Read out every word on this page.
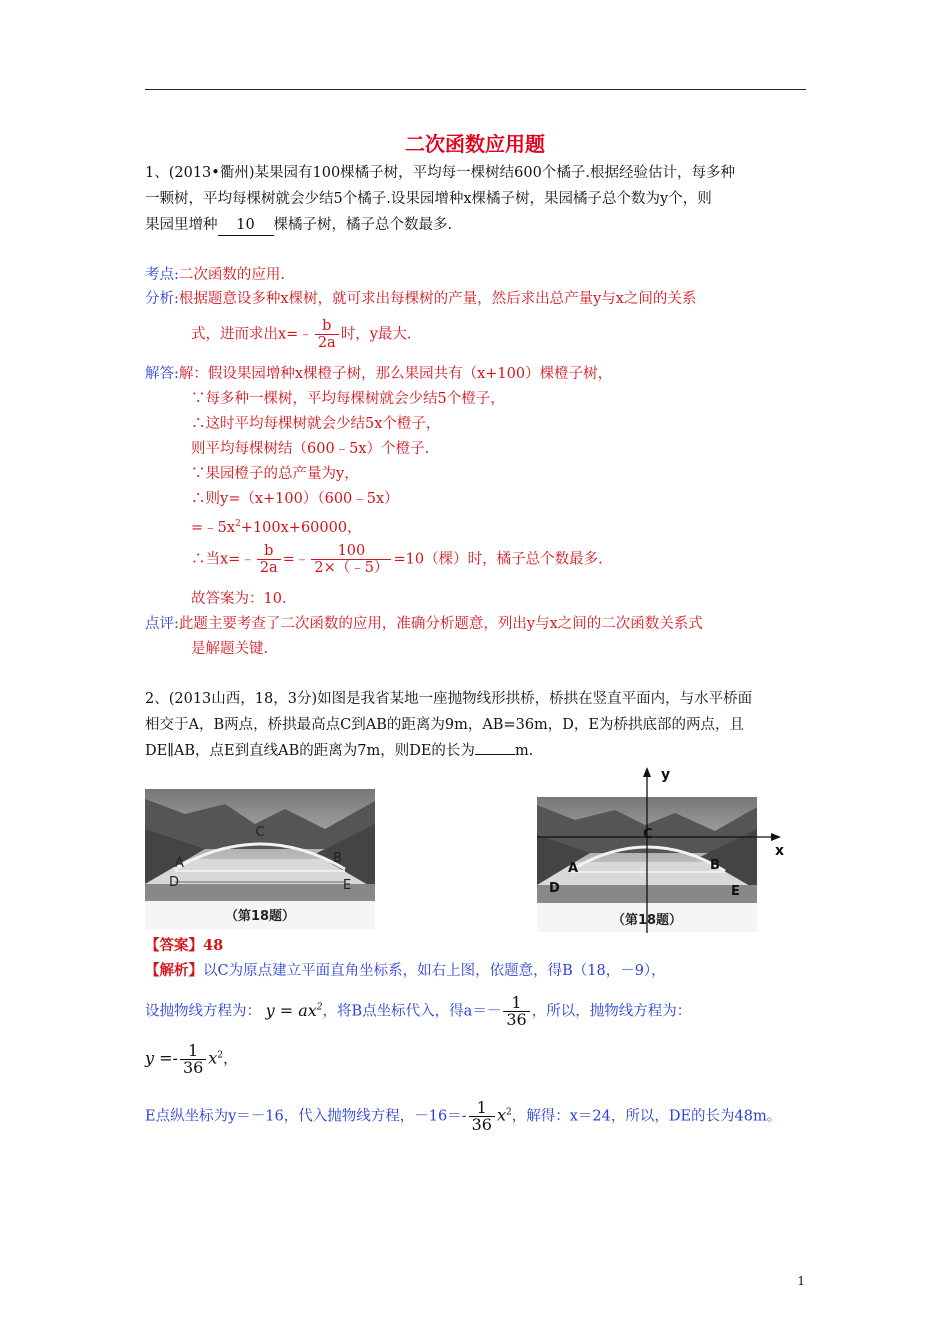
二次函数应用题
1、(2013•衢州)某果园有100棵橘子树，平均每一棵树结600个橘子.根据经验估计，每多种
一颗树，平均每棵树就会少结5个橘子.设果园增种x棵橘子树，果园橘子总个数为y个，则
果园里增种 10 棵橘子树，橘子总个数最多.
考点:二次函数的应用.
分析:根据题意设多种x棵树，就可求出每棵树的产量，然后求出总产量y与x之间的关系
式，进而求出x=﹣ $\frac{b}{2a}$ 时，y最大.
解答:解：假设果园增种x棵橙子树，那么果园共有（x+100）棵橙子树，
∵每多种一棵树，平均每棵树就会少结5个橙子，
∴这时平均每棵树就会少结5x个橙子，
则平均每棵树结（600﹣5x）个橙子.
∵果园橙子的总产量为y，
∴则y=（x+100）（600﹣5x）
$=﹣5x^2+100x+60000$，
∴当x=﹣ $\frac{b}{2a}$ =﹣ $\frac{100}{2\times(﹣5)} =10$（棵）时，橘子总个数最多.
故答案为：10.
点评:此题主要考查了二次函数的应用，准确分析题意，列出y与x之间的二次函数关系式
是解题关键.
2、(2013山西，18，3分)如图是我省某地一座抛物线形拱桥，桥拱在竖直平面内，与水平桥面
相交于A，B两点，桥拱最高点C到AB的距离为9m，AB=36m，D，E为桥拱底部的两点，且
DE∥AB，点E到直线AB的距离为7m，则DE的长为	m.
C
A	B
D	E
（第18题）
y
x
C
A	B
D	E
（第18题）
【答案】48
【解析】以C为原点建立平面直角坐标系，如右上图，依题意，得B（18，－9），
设抛物线方程为： $y = ax^2$，将B点坐标代入，得$a=- \frac{1}{36}$ ，所以，抛物线方程为：
$y =- \frac{1}{36} x^2$，
E点纵坐标为y＝－16，代入抛物线方程，$-16=- \frac{1}{36} x^2$，解得：x＝24，所以，DE的长为48m。
1
